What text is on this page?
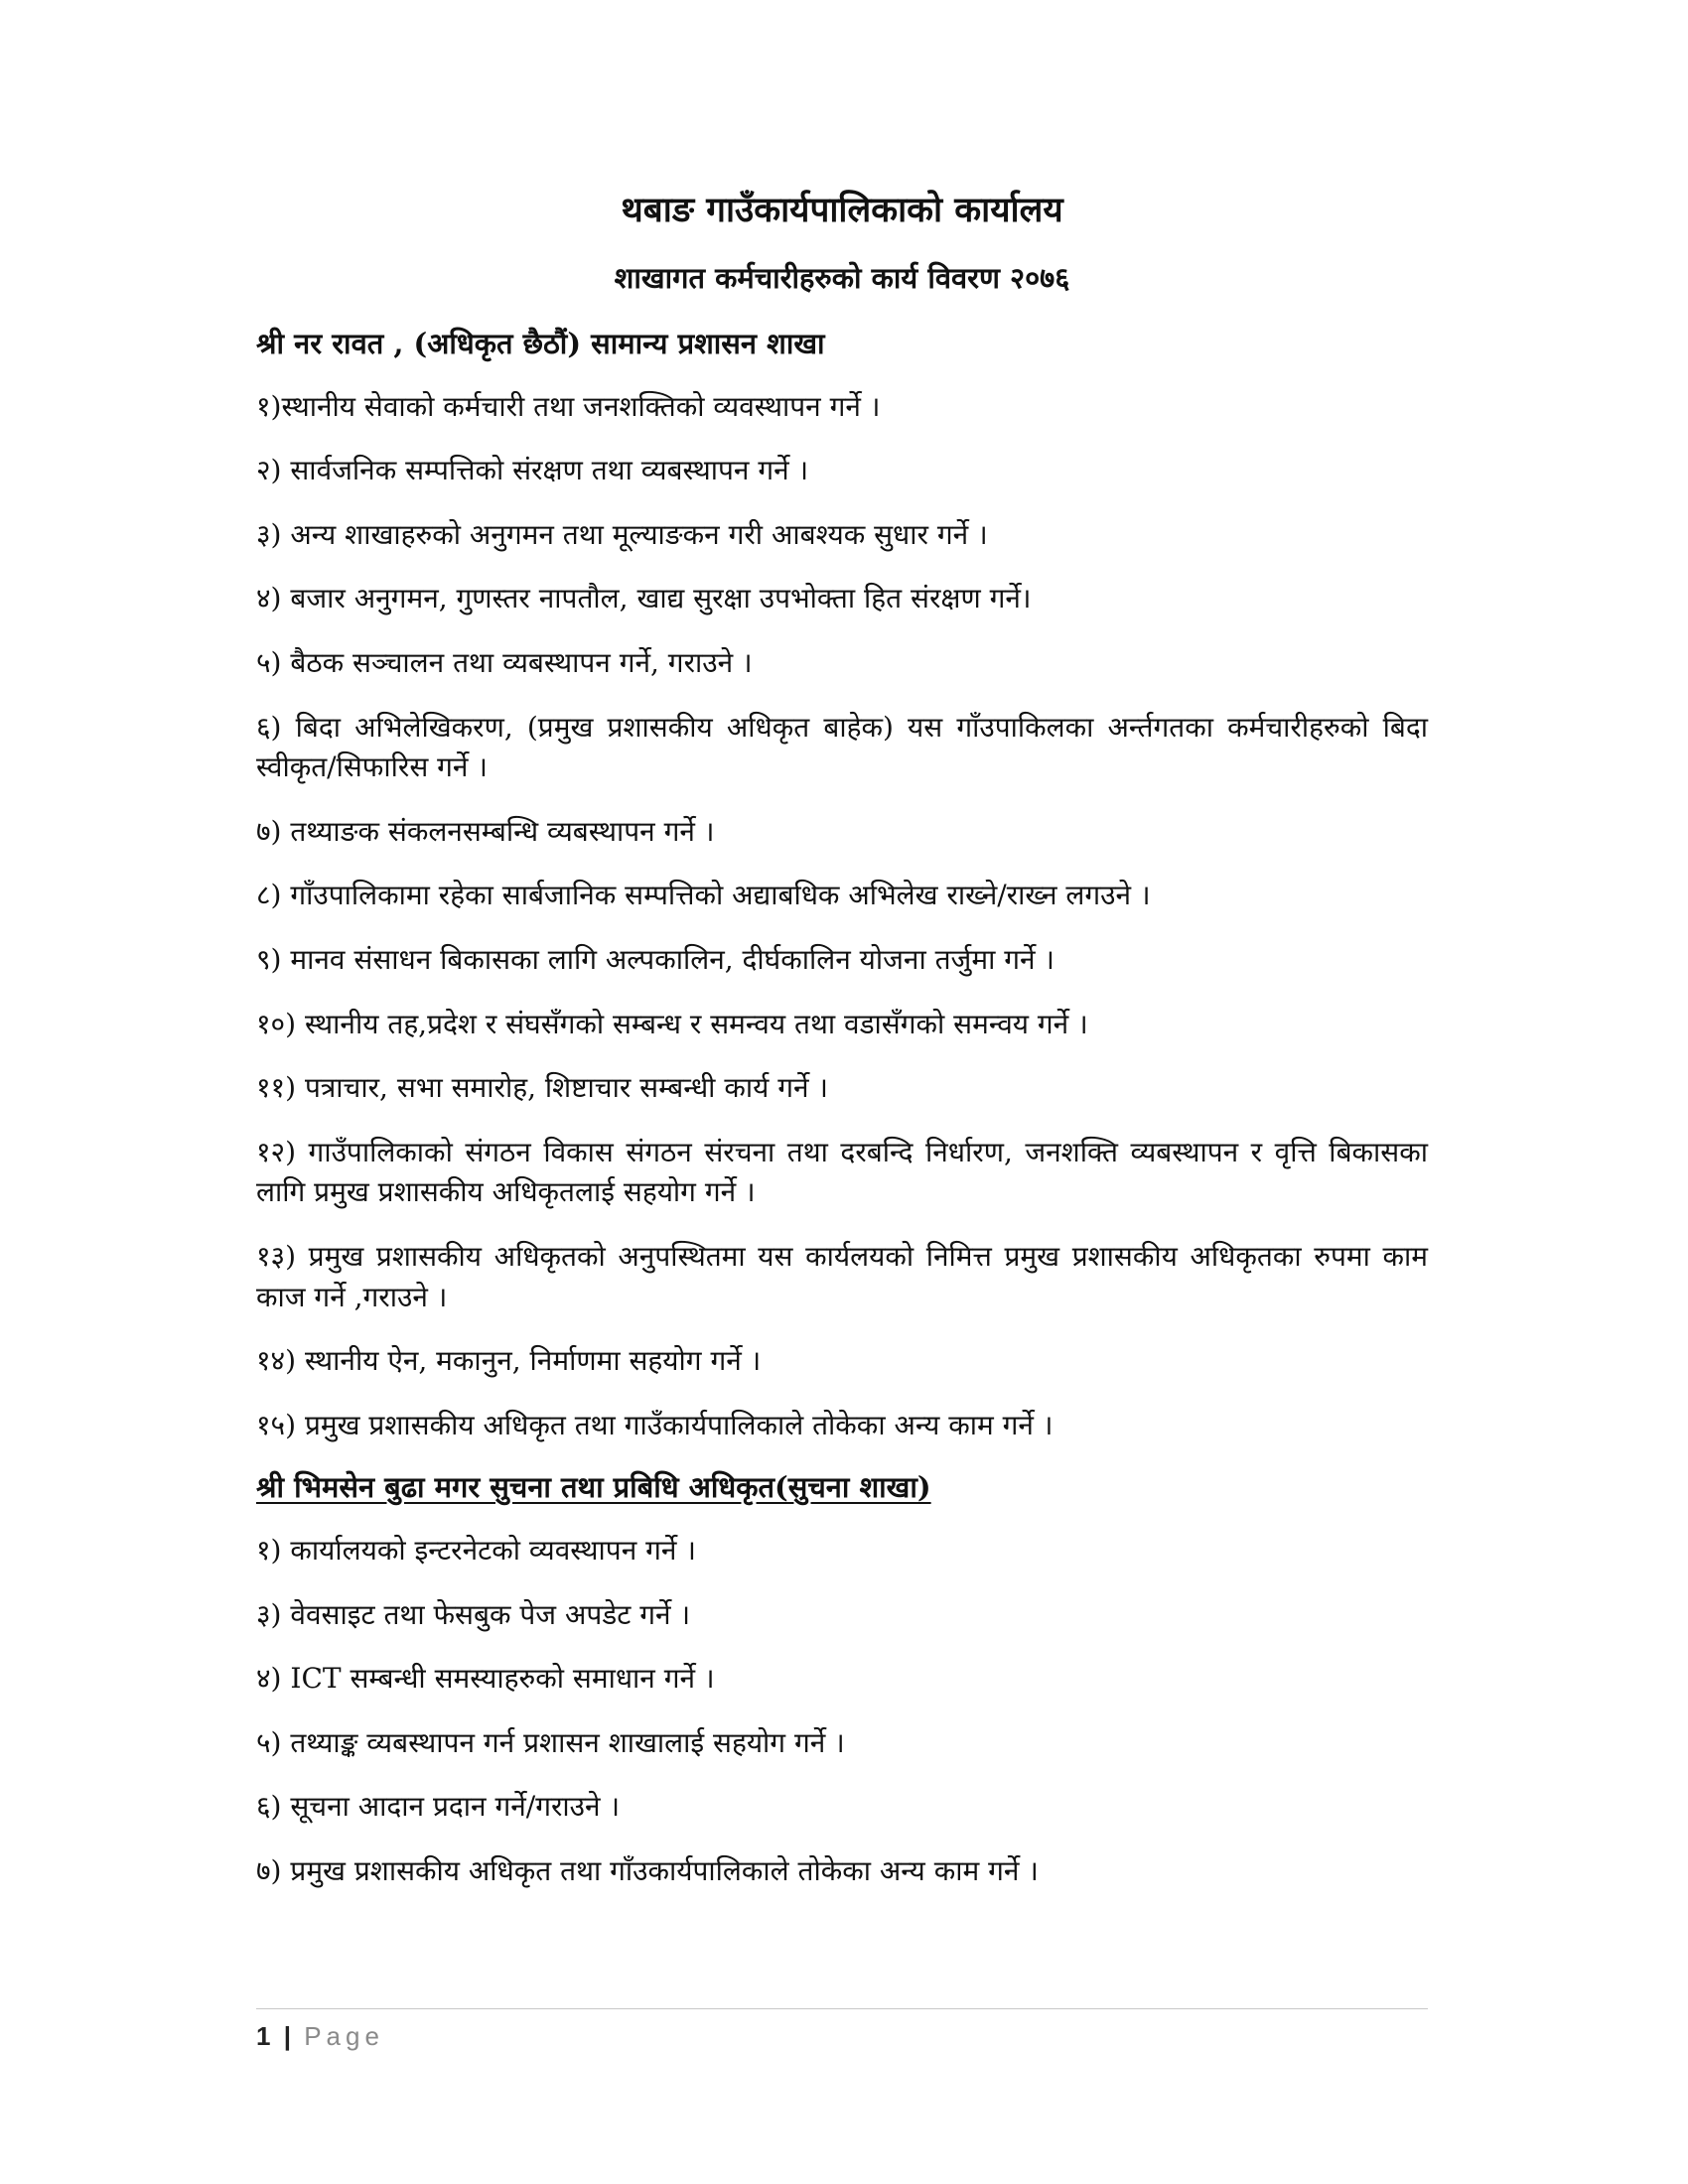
थबाङ गाउँकार्यपालिकाको कार्यालय
शाखागत कर्मचारीहरुको कार्य विवरण २०७६
श्री नर रावत , (अधिकृत छैठौं) सामान्य प्रशासन शाखा
१)स्थानीय सेवाको कर्मचारी तथा जनशक्तिको व्यवस्थापन गर्ने ।
२) सार्वजनिक सम्पत्तिको संरक्षण तथा व्यबस्थापन गर्ने ।
३) अन्य शाखाहरुको अनुगमन तथा मूल्याङकन गरी आबश्यक सुधार गर्ने ।
४) बजार अनुगमन, गुणस्तर नापतौल, खाद्य सुरक्षा उपभोक्ता हित संरक्षण गर्ने।
५) बैठक सञ्चालन तथा व्यबस्थापन गर्ने, गराउने ।
६) बिदा अभिलेखिकरण, (प्रमुख प्रशासकीय अधिकृत बाहेक) यस गाँउपाकिलका अर्न्तगतका कर्मचारीहरुको बिदा स्वीकृत/सिफारिस गर्ने ।
७) तथ्याङक संकलनसम्बन्धि व्यबस्थापन गर्ने ।
८) गाँउपालिकामा रहेका सार्बजानिक सम्पत्तिको अद्याबधिक अभिलेख राख्ने/राख्न लगउने ।
९) मानव संसाधन बिकासका लागि अल्पकालिन, दीर्घकालिन योजना तर्जुमा गर्ने ।
१०) स्थानीय तह,प्रदेश र संघसँगको सम्बन्ध र समन्वय तथा वडासँगको समन्वय गर्ने ।
११) पत्राचार, सभा समारोह, शिष्टाचार सम्बन्धी कार्य गर्ने ।
१२) गाउँपालिकाको संगठन विकास संगठन संरचना तथा दरबन्दि निर्धारण, जनशक्ति व्यबस्थापन र वृत्ति बिकासका लागि प्रमुख प्रशासकीय अधिकृतलाई सहयोग गर्ने ।
१३) प्रमुख प्रशासकीय अधिकृतको अनुपस्थितमा यस कार्यलयको निमित्त प्रमुख प्रशासकीय अधिकृतका रुपमा काम काज गर्ने ,गराउने ।
१४) स्थानीय ऐन, मकानुन, निर्माणमा सहयोग गर्ने ।
१५) प्रमुख प्रशासकीय अधिकृत तथा गाउँकार्यपालिकाले तोकेका अन्य काम गर्ने ।
श्री भिमसेन बुढा मगर सुचना तथा प्रबिधि अधिकृत(सुचना शाखा)
१) कार्यालयको इन्टरनेटको व्यवस्थापन गर्ने ।
३) वेवसाइट तथा फेसबुक पेज अपडेट गर्ने ।
४) ICT सम्बन्धी समस्याहरुको समाधान गर्ने ।
५) तथ्याङ्क व्यबस्थापन गर्न प्रशासन शाखालाई सहयोग गर्ने ।
६) सूचना आदान प्रदान गर्ने/गराउने ।
७) प्रमुख प्रशासकीय अधिकृत तथा गाँउकार्यपालिकाले तोकेका अन्य काम गर्ने ।
1 | Page
